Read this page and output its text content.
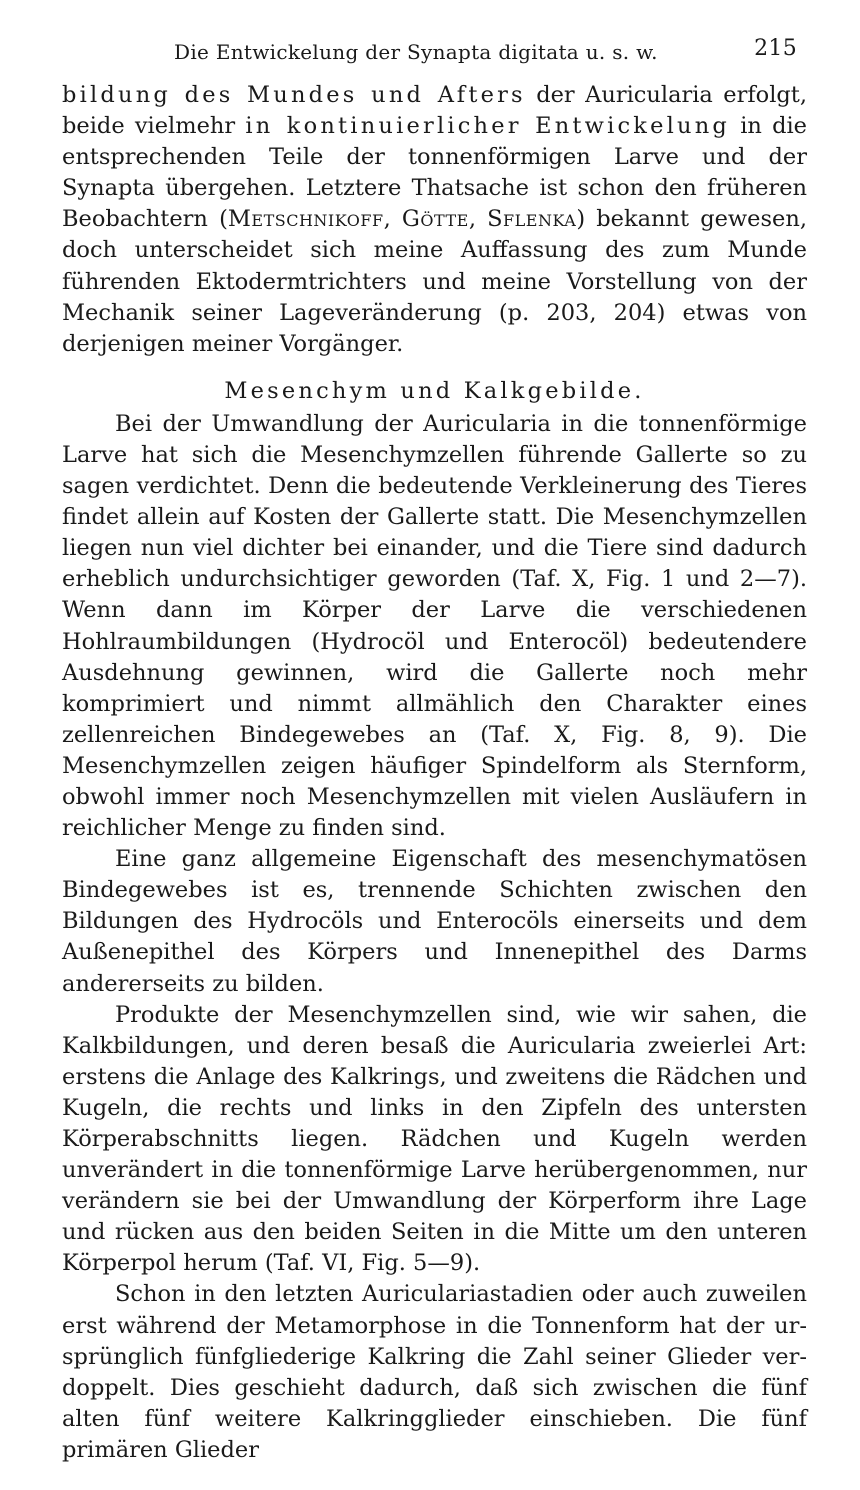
Die Entwickelung der Synapta digitata u. s. w.	215

bildung des Mundes und Afters der Auricularia erfolgt, beide vielmehr in kontinuierlicher Entwickelung in die entsprechenden Teile der tonnenförmigen Larve und der Synapta übergehen. Letztere Thatsache ist schon den früheren Beobachtern (Metschnikoff, Götte, Sflenka) bekannt gewesen, doch unterscheidet sich meine Auffassung des zum Munde führenden Ektodermtrichters und meine Vorstellung von der Mechanik seiner Lageveränderung (p. 203, 204) etwas von derjenigen meiner Vorgänger.

Mesenchym und Kalkgebilde.

Bei der Umwandlung der Auricularia in die tonnenförmige Larve hat sich die Mesenchymzellen führende Gallerte so zu sagen verdichtet. Denn die bedeutende Verkleinerung des Tieres findet allein auf Kosten der Gallerte statt. Die Mesenchymzellen liegen nun viel dichter bei einander, und die Tiere sind dadurch erheblich undurchsichtiger geworden (Taf. X, Fig. 1 und 2—7). Wenn dann im Körper der Larve die verschiedenen Hohlraumbildungen (Hydrocöl und Enterocöl) bedeutendere Ausdehnung gewinnen, wird die Gallerte noch mehr komprimiert und nimmt allmählich den Charakter eines zellenreichen Bindegewebes an (Taf. X, Fig. 8, 9). Die Mesenchymzellen zeigen häufiger Spindelform als Sternform, obwohl immer noch Mesenchymzellen mit vielen Ausläufern in reichlicher Menge zu finden sind.

Eine ganz allgemeine Eigenschaft des mesenchymatösen Bindegewebes ist es, trennende Schichten zwischen den Bildungen des Hydrocöls und Enterocöls einerseits und dem Außenepithel des Körpers und Innenepithel des Darms andererseits zu bilden.

Produkte der Mesenchymzellen sind, wie wir sahen, die Kalkbildungen, und deren besaß die Auricularia zweierlei Art: erstens die Anlage des Kalkrings, und zweitens die Rädchen und Kugeln, die rechts und links in den Zipfeln des untersten Körperabschnitts liegen. Rädchen und Kugeln werden unverändert in die tonnenförmige Larve herübergenommen, nur verändern sie bei der Umwandlung der Körperform ihre Lage und rücken aus den beiden Seiten in die Mitte um den unteren Körperpol herum (Taf. VI, Fig. 5—9).

Schon in den letzten Auriculariastadien oder auch zuweilen erst während der Metamorphose in die Tonnenform hat der ursprünglich fünfgliederige Kalkring die Zahl seiner Glieder verdoppelt. Dies geschieht dadurch, daß sich zwischen die fünf alten fünf weitere Kalkringglieder einschieben. Die fünf primären Glieder
